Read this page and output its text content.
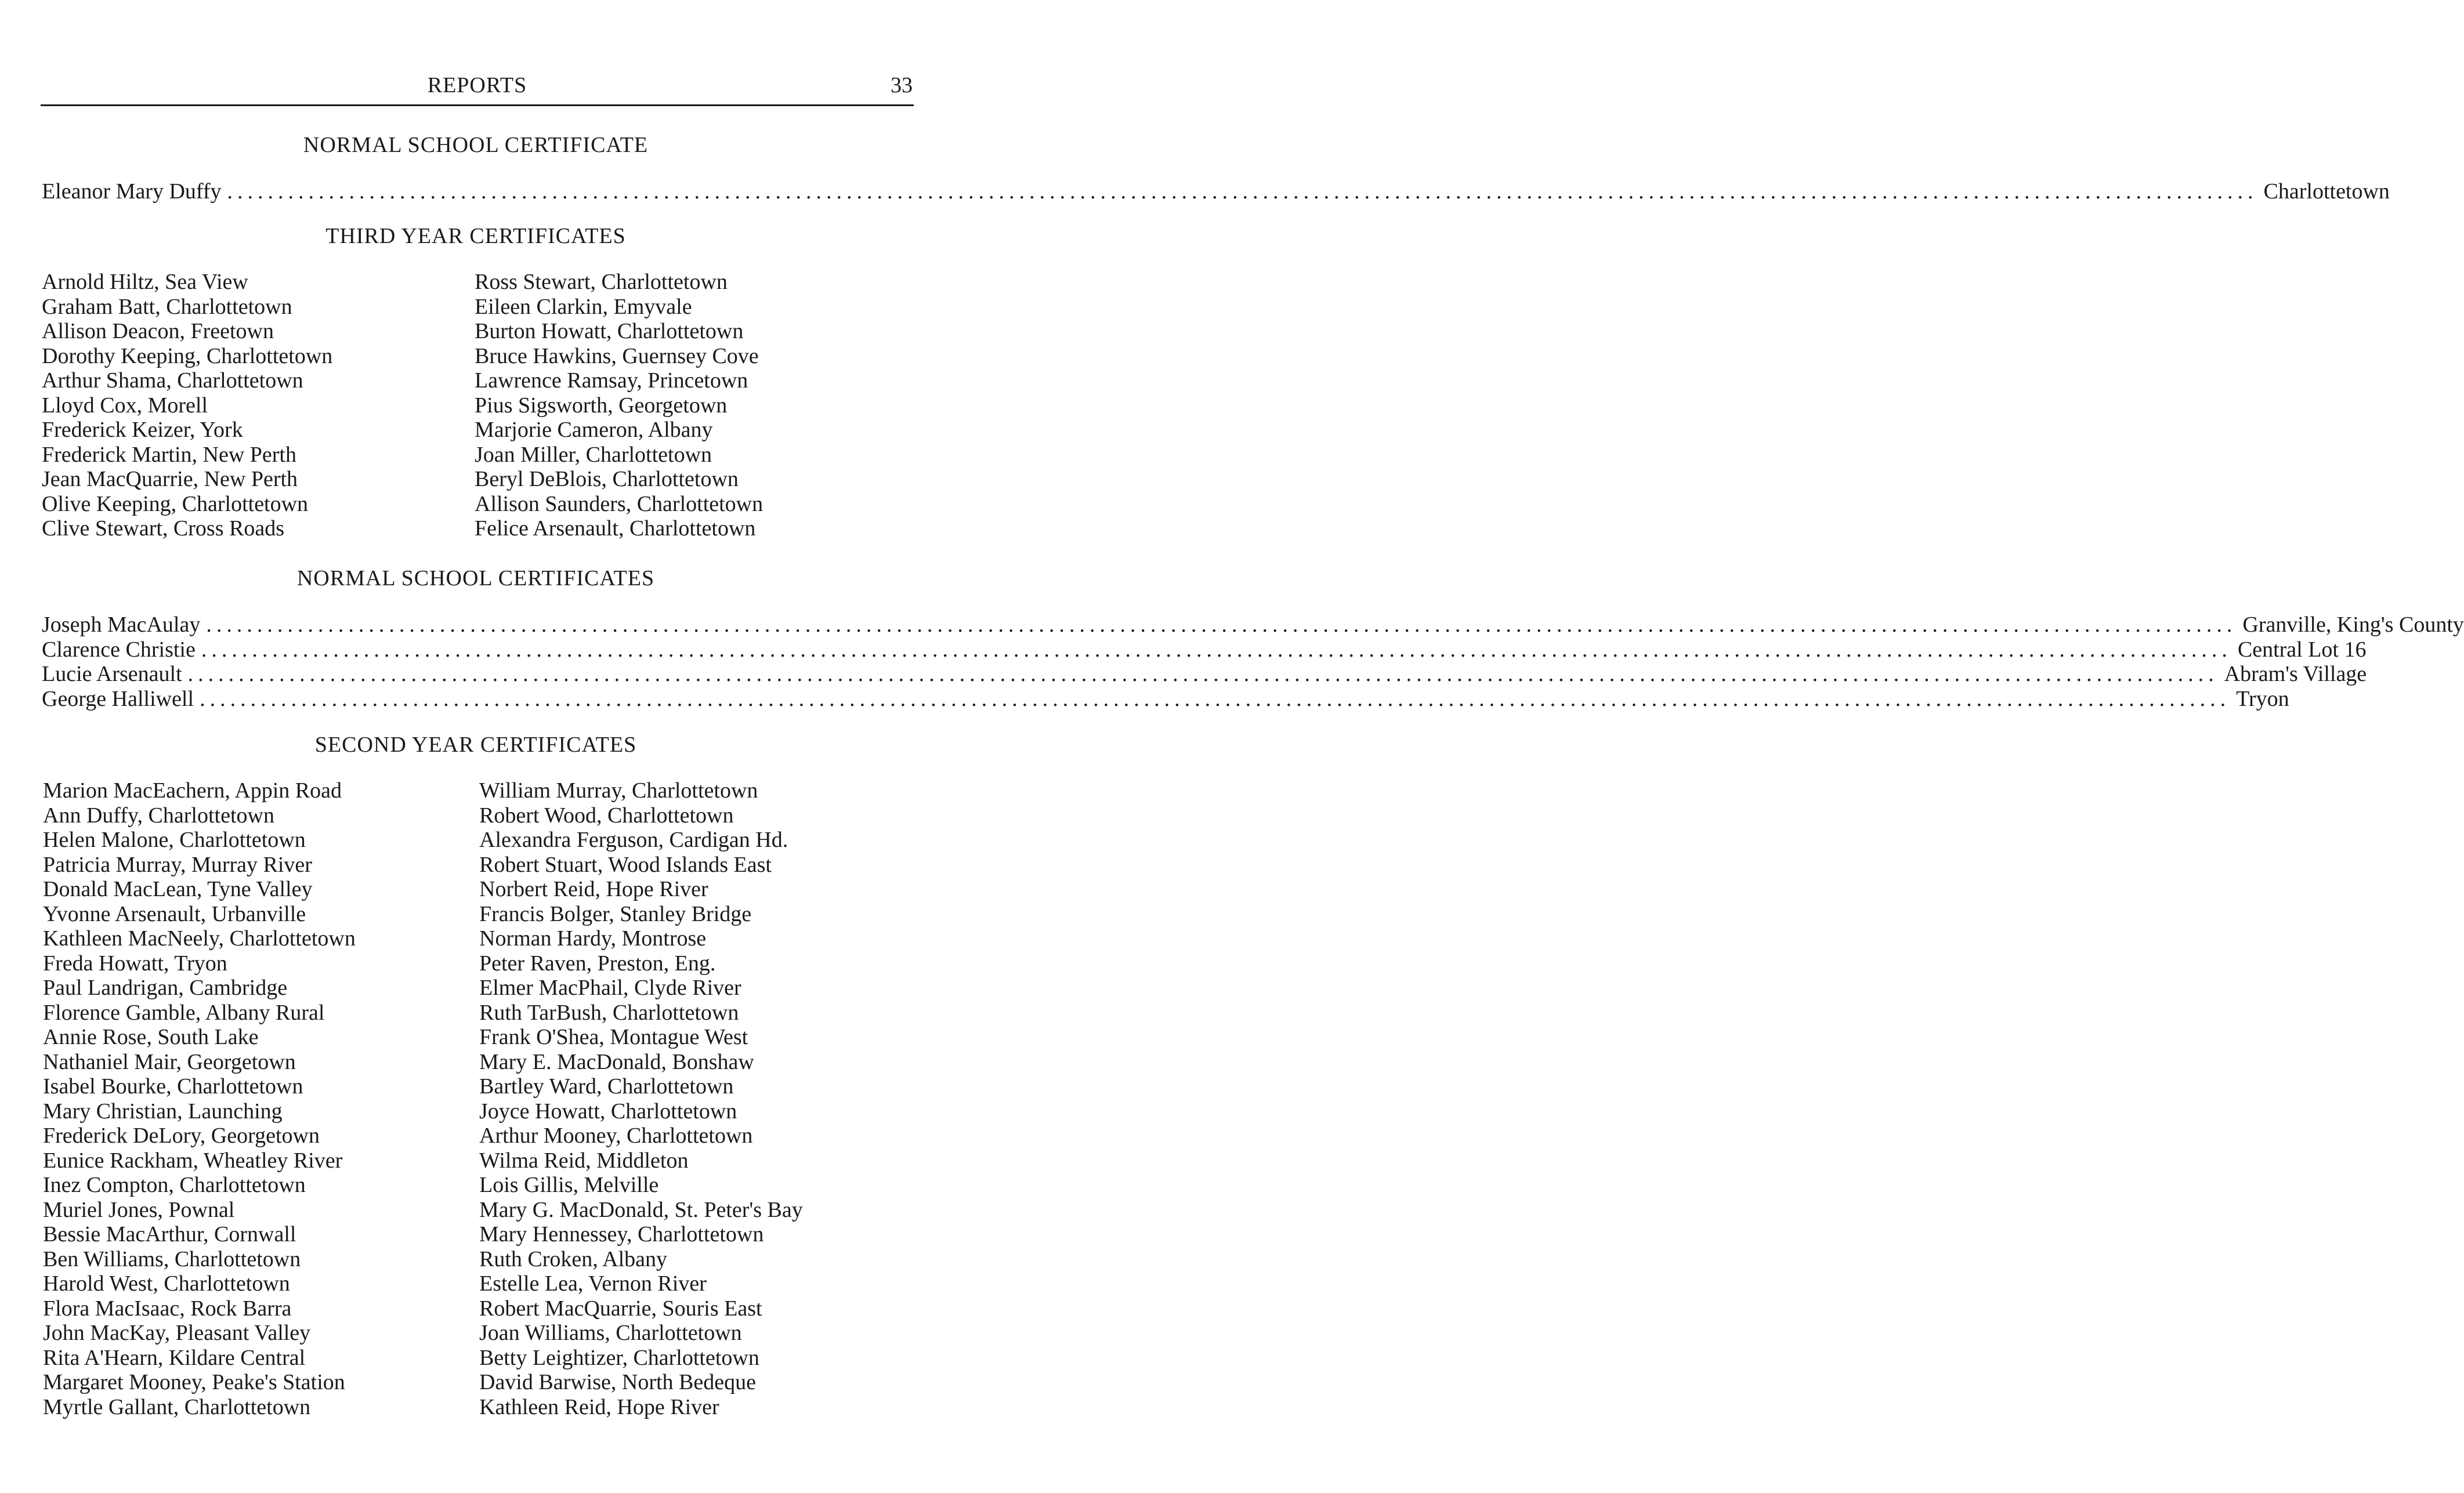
REPORTS	33
NORMAL SCHOOL CERTIFICATE
Eleanor Mary Duffy ........................................................................................................................................................................................................ Charlottetown
THIRD YEAR CERTIFICATES
Arnold Hiltz, Sea View
Graham Batt, Charlottetown
Allison Deacon, Freetown
Dorothy Keeping, Charlottetown
Arthur Shama, Charlottetown
Lloyd Cox, Morell
Frederick Keizer, York
Frederick Martin, New Perth
Jean MacQuarrie, New Perth
Olive Keeping, Charlottetown
Clive Stewart, Cross Roads
Ross Stewart, Charlottetown
Eileen Clarkin, Emyvale
Burton Howatt, Charlottetown
Bruce Hawkins, Guernsey Cove
Lawrence Ramsay, Princetown
Pius Sigsworth, Georgetown
Marjorie Cameron, Albany
Joan Miller, Charlottetown
Beryl DeBlois, Charlottetown
Allison Saunders, Charlottetown
Felice Arsenault, Charlottetown
NORMAL SCHOOL CERTIFICATES
Joseph MacAulay ........................................................................................................................................................................................................ Granville, King's County
Clarence Christie ........................................................................................................................................................................................................ Central Lot 16
Lucie Arsenault ........................................................................................................................................................................................................ Abram's Village
George Halliwell ........................................................................................................................................................................................................ Tryon
SECOND YEAR CERTIFICATES
Marion MacEachern, Appin Road
Ann Duffy, Charlottetown
Helen Malone, Charlottetown
Patricia Murray, Murray River
Donald MacLean, Tyne Valley
Yvonne Arsenault, Urbanville
Kathleen MacNeely, Charlottetown
Freda Howatt, Tryon
Paul Landrigan, Cambridge
Florence Gamble, Albany Rural
Annie Rose, South Lake
Nathaniel Mair, Georgetown
Isabel Bourke, Charlottetown
Mary Christian, Launching
Frederick DeLory, Georgetown
Eunice Rackham, Wheatley River
Inez Compton, Charlottetown
Muriel Jones, Pownal
Bessie MacArthur, Cornwall
Ben Williams, Charlottetown
Harold West, Charlottetown
Flora MacIsaac, Rock Barra
John MacKay, Pleasant Valley
Rita A'Hearn, Kildare Central
Margaret Mooney, Peake's Station
Myrtle Gallant, Charlottetown
William Murray, Charlottetown
Robert Wood, Charlottetown
Alexandra Ferguson, Cardigan Hd.
Robert Stuart, Wood Islands East
Norbert Reid, Hope River
Francis Bolger, Stanley Bridge
Norman Hardy, Montrose
Peter Raven, Preston, Eng.
Elmer MacPhail, Clyde River
Ruth TarBush, Charlottetown
Frank O'Shea, Montague West
Mary E. MacDonald, Bonshaw
Bartley Ward, Charlottetown
Joyce Howatt, Charlottetown
Arthur Mooney, Charlottetown
Wilma Reid, Middleton
Lois Gillis, Melville
Mary G. MacDonald, St. Peter's Bay
Mary Hennessey, Charlottetown
Ruth Croken, Albany
Estelle Lea, Vernon River
Robert MacQuarrie, Souris East
Joan Williams, Charlottetown
Betty Leightizer, Charlottetown
David Barwise, North Bedeque
Kathleen Reid, Hope River
